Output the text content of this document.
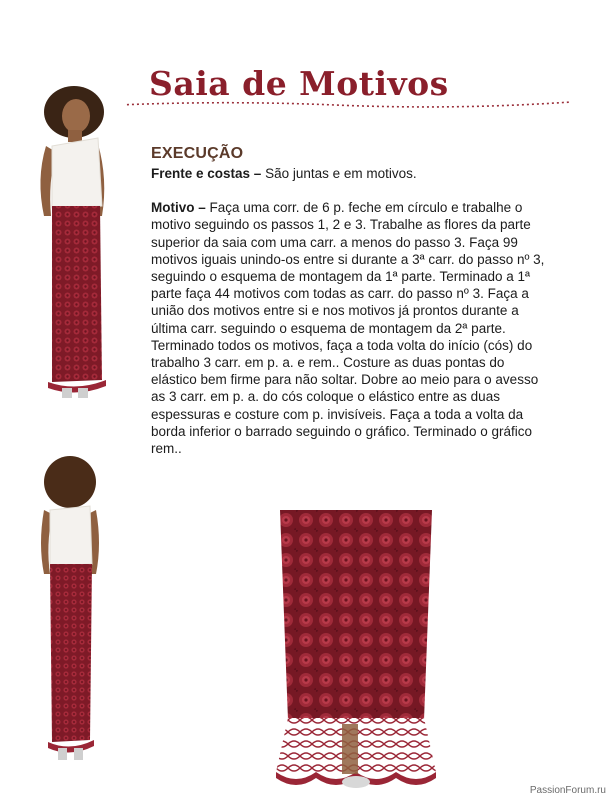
Saia de Motivos
EXECUÇÃO

Frente e costas – São juntas e em motivos.

Motivo – Faça uma corr. de 6 p. feche em círculo e trabalhe o motivo seguindo os passos 1, 2 e 3. Trabalhe as flores da parte superior da saia com uma carr. a menos do passo 3. Faça 99 motivos iguais unindo-os entre si durante a 3ª carr. do passo nº 3, seguindo o esquema de montagem da 1ª parte. Terminado a 1ª parte faça 44 motivos com todas as carr. do passo nº 3. Faça a união dos motivos entre si e nos motivos já prontos durante a última carr. seguindo o esquema de montagem da 2ª parte. Terminado todos os motivos, faça a toda volta do início (cós) do trabalho 3 carr. em p. a. e rem.. Costure as duas pontas do elástico bem firme para não soltar. Dobre ao meio para o avesso as 3 carr. em p. a. do cós coloque o elástico entre as duas espessuras e costure com p. invisíveis. Faça a toda a volta da borda inferior o barrado seguindo o gráfico. Terminado o gráfico rem..

PassionForum.ru
